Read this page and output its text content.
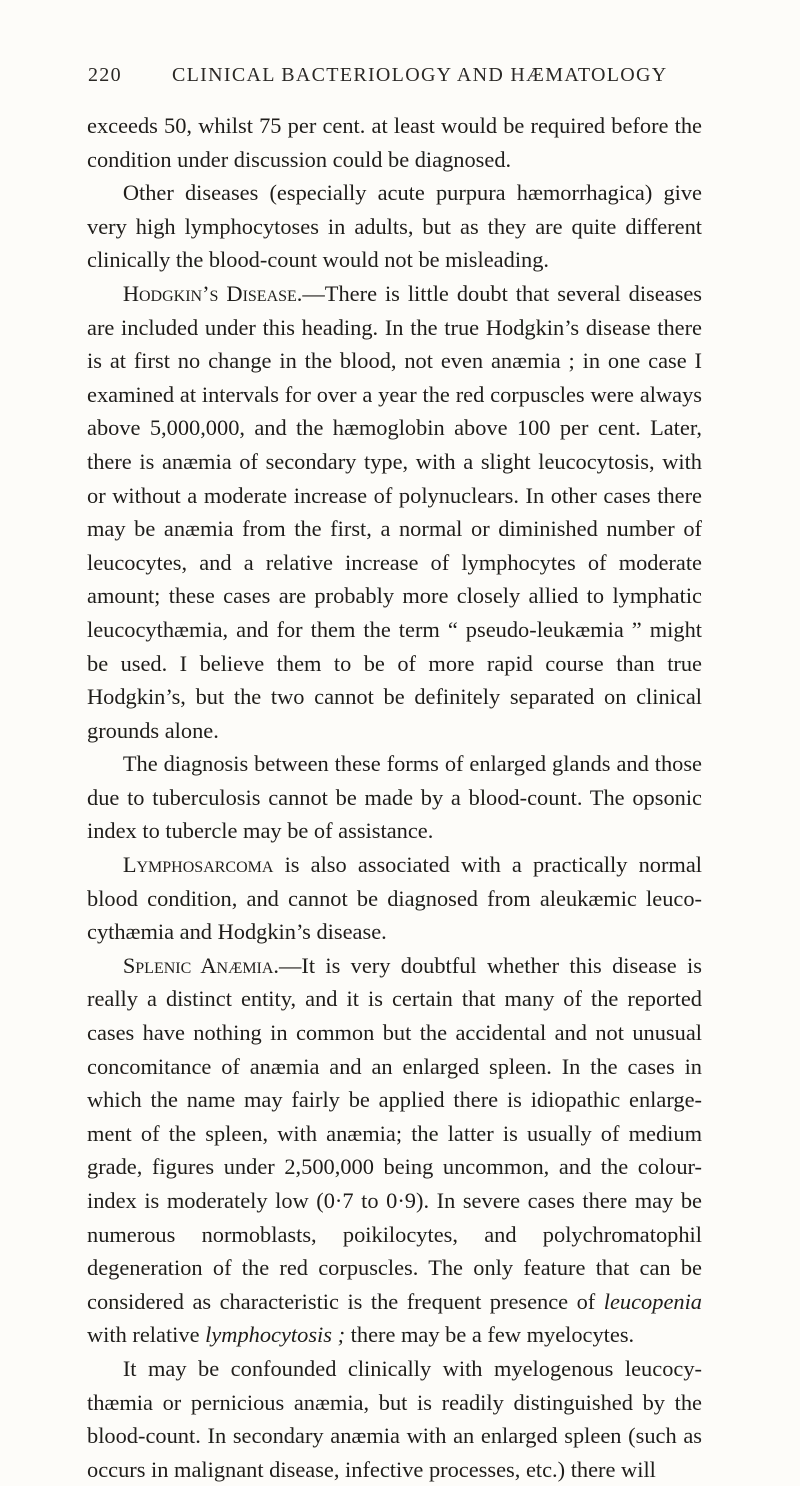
220	CLINICAL BACTERIOLOGY AND HÆMATOLOGY

exceeds 50, whilst 75 per cent. at least would be required before the condition under discussion could be diagnosed.

Other diseases (especially acute purpura hæmorrhagica) give very high lymphocytoses in adults, but as they are quite different clinically the blood-count would not be misleading.

Hodgkin’s Disease.—There is little doubt that several diseases are included under this heading. In the true Hodgkin’s disease there is at first no change in the blood, not even anæmia ; in one case I examined at intervals for over a year the red corpuscles were always above 5,000,000, and the hæmoglobin above 100 per cent. Later, there is anæmia of secondary type, with a slight leucocytosis, with or without a moderate increase of polynuclears. In other cases there may be anæmia from the first, a normal or diminished number of leucocytes, and a relative increase of lymphocytes of moderate amount; these cases are probably more closely allied to lymphatic leucocythæmia, and for them the term “ pseudo-leukæmia ” might be used. I believe them to be of more rapid course than true Hodgkin’s, but the two cannot be definitely separated on clinical grounds alone.

The diagnosis between these forms of enlarged glands and those due to tuberculosis cannot be made by a blood-count. The opsonic index to tubercle may be of assistance.

Lymphosarcoma is also associated with a practically normal blood condition, and cannot be diagnosed from aleukæmic leucocythæmia and Hodgkin’s disease.

Splenic Anæmia.—It is very doubtful whether this disease is really a distinct entity, and it is certain that many of the reported cases have nothing in common but the accidental and not unusual concomitance of anæmia and an enlarged spleen. In the cases in which the name may fairly be applied there is idiopathic enlargement of the spleen, with anæmia; the latter is usually of medium grade, figures under 2,500,000 being uncommon, and the colour-index is moderately low (0·7 to 0·9). In severe cases there may be numerous normoblasts, poikilocytes, and polychromatophil degeneration of the red corpuscles. The only feature that can be considered as characteristic is the frequent presence of leucopenia with relative lymphocytosis ; there may be a few myelocytes.

It may be confounded clinically with myelogenous leucocythæmia or pernicious anæmia, but is readily distinguished by the blood-count. In secondary anæmia with an enlarged spleen (such as occurs in malignant disease, infective processes, etc.) there will
